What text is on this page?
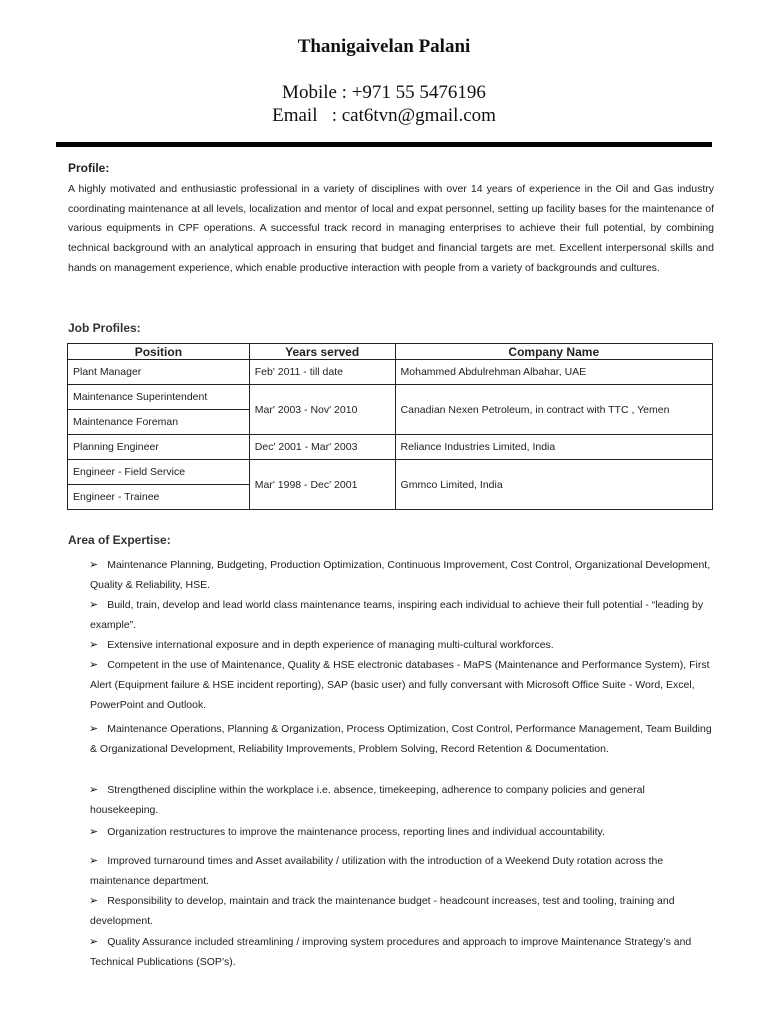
Thanigaivelan Palani
Mobile : +971 55 5476196
Email   : cat6tvn@gmail.com
Profile:
A highly motivated and enthusiastic professional in a variety of disciplines with over 14 years of experience in the Oil and Gas industry coordinating maintenance at all levels, localization and mentor of local and expat personnel, setting up facility bases for the maintenance of various equipments in CPF operations. A successful track record in managing enterprises to achieve their full potential, by combining technical background with an analytical approach in ensuring that budget and financial targets are met. Excellent interpersonal skills and hands on management experience, which enable productive interaction with people from a variety of backgrounds and cultures.
Job Profiles:
Position	Years served	Company Name
Plant Manager	Feb' 2011 - till date	Mohammed Abdulrehman Albahar, UAE
Maintenance Superintendent	Mar' 2003 - Nov' 2010	Canadian Nexen Petroleum, in contract with TTC , Yemen
Maintenance Foreman		
Planning Engineer	Dec' 2001 - Mar' 2003	Reliance Industries Limited, India
Engineer - Field Service	Mar' 1998 - Dec' 2001	Gmmco Limited, India
Engineer - Trainee		
Area of Expertise:
➢ Maintenance Planning, Budgeting, Production Optimization, Continuous Improvement, Cost Control, Organizational Development, Quality & Reliability, HSE.
➢ Build, train, develop and lead world class maintenance teams, inspiring each individual to achieve their full potential - “leading by example”.
➢ Extensive international exposure and in depth experience of managing multi-cultural workforces.
➢ Competent in the use of Maintenance, Quality & HSE electronic databases - MaPS (Maintenance and Performance System), First Alert (Equipment failure & HSE incident reporting), SAP (basic user) and fully conversant with Microsoft Office Suite - Word, Excel, PowerPoint and Outlook.
➢ Maintenance Operations, Planning & Organization, Process Optimization, Cost Control, Performance Management, Team Building & Organizational Development, Reliability Improvements, Problem Solving, Record Retention & Documentation.
➢ Strengthened discipline within the workplace i.e. absence, timekeeping, adherence to company policies and general housekeeping.
➢ Organization restructures to improve the maintenance process, reporting lines and individual accountability.
➢ Improved turnaround times and Asset availability / utilization with the introduction of a Weekend Duty rotation across the maintenance department.
➢ Responsibility to develop, maintain and track the maintenance budget - headcount increases, test and tooling, training and development.
➢ Quality Assurance included streamlining / improving system procedures and approach to improve Maintenance Strategy’s and Technical Publications (SOP’s).
